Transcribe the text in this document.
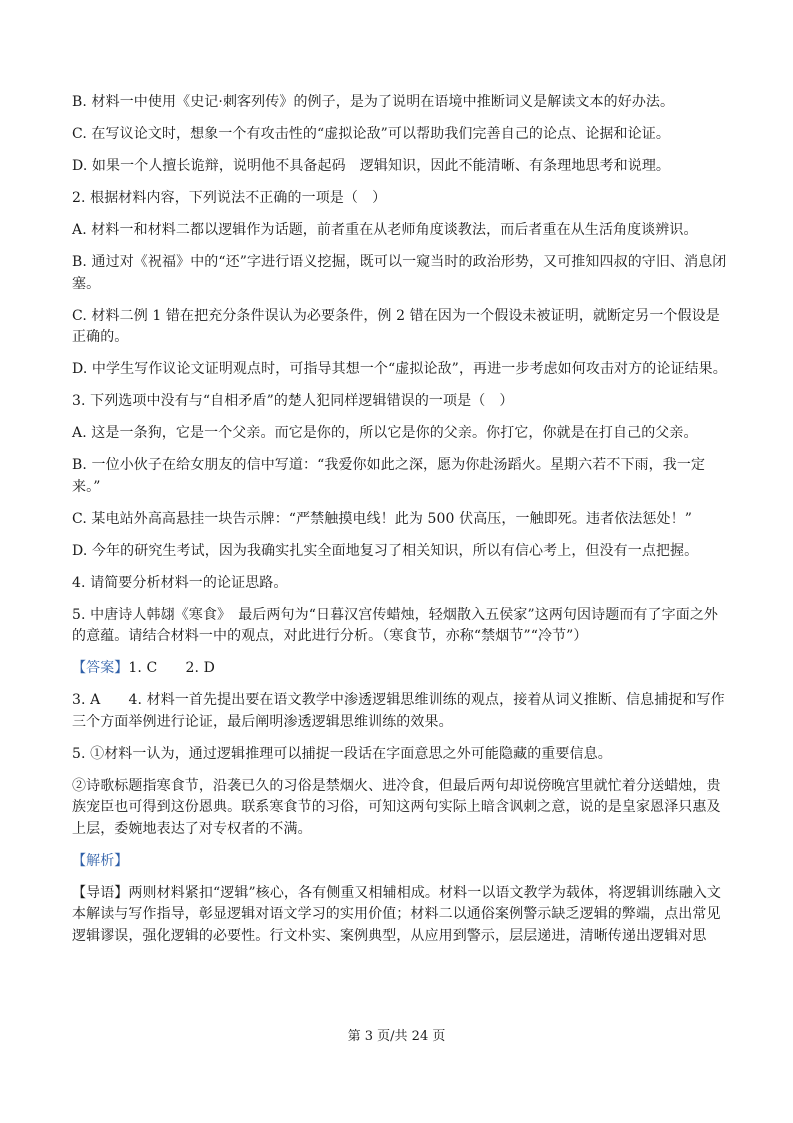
B. 材料一中使用《史记·刺客列传》的例子，是为了说明在语境中推断词义是解读文本的好办法。

C. 在写议论文时，想象一个有攻击性的“虚拟论敌”可以帮助我们完善自己的论点、论据和论证。

D. 如果一个人擅长诡辩，说明他不具备起码　逻辑知识，因此不能清晰、有条理地思考和说理。

2. 根据材料内容，下列说法不正确的一项是（　）

A. 材料一和材料二都以逻辑作为话题，前者重在从老师角度谈教法，而后者重在从生活角度谈辨识。

B. 通过对《祝福》中的“还”字进行语义挖掘，既可以一窥当时的政治形势，又可推知四叔的守旧、消息闭塞。

C. 材料二例 1 错在把充分条件误认为必要条件，例 2 错在因为一个假设未被证明，就断定另一个假设是正确的。

D. 中学生写作议论文证明观点时，可指导其想一个“虚拟论敌”，再进一步考虑如何攻击对方的论证结果。

3. 下列选项中没有与“自相矛盾”的楚人犯同样逻辑错误的一项是（　）

A. 这是一条狗，它是一个父亲。而它是你的，所以它是你的父亲。你打它，你就是在打自己的父亲。

B. 一位小伙子在给女朋友的信中写道：“我爱你如此之深，愿为你赴汤蹈火。星期六若不下雨，我一定来。”

C. 某电站外高高悬挂一块告示牌：“严禁触摸电线！此为 500 伏高压，一触即死。违者依法惩处！”

D. 今年的研究生考试，因为我确实扎实全面地复习了相关知识，所以有信心考上，但没有一点把握。

4. 请简要分析材料一的论证思路。

5. 中唐诗人韩翃《寒食》　最后两句为“日暮汉宫传蜡烛，轻烟散入五侯家”这两句因诗题而有了字面之外的意蕴。请结合材料一中的观点，对此进行分析。（寒食节，亦称“禁烟节”“冷节”）

【答案】1. C　　2. D

3. A　　4. 材料一首先提出要在语文教学中渗透逻辑思维训练的观点，接着从词义推断、信息捕捉和写作三个方面举例进行论证，最后阐明渗透逻辑思维训练的效果。

5. ①材料一认为，通过逻辑推理可以捕捉一段话在字面意思之外可能隐藏的重要信息。

②诗歌标题指寒食节，沿袭已久的习俗是禁烟火、进冷食，但最后两句却说傍晚宫里就忙着分送蜡烛，贵族宠臣也可得到这份恩典。联系寒食节的习俗，可知这两句实际上暗含讽刺之意，说的是皇家恩泽只惠及上层，委婉地表达了对专权者的不满。

【解析】

【导语】两则材料紧扣“逻辑”核心，各有侧重又相辅相成。材料一以语文教学为载体，将逻辑训练融入文本解读与写作指导，彰显逻辑对语文学习的实用价值；材料二以通俗案例警示缺乏逻辑的弊端，点出常见逻辑谬误，强化逻辑的必要性。行文朴实、案例典型，从应用到警示，层层递进，清晰传递出逻辑对思

第 3 页/共 24 页
